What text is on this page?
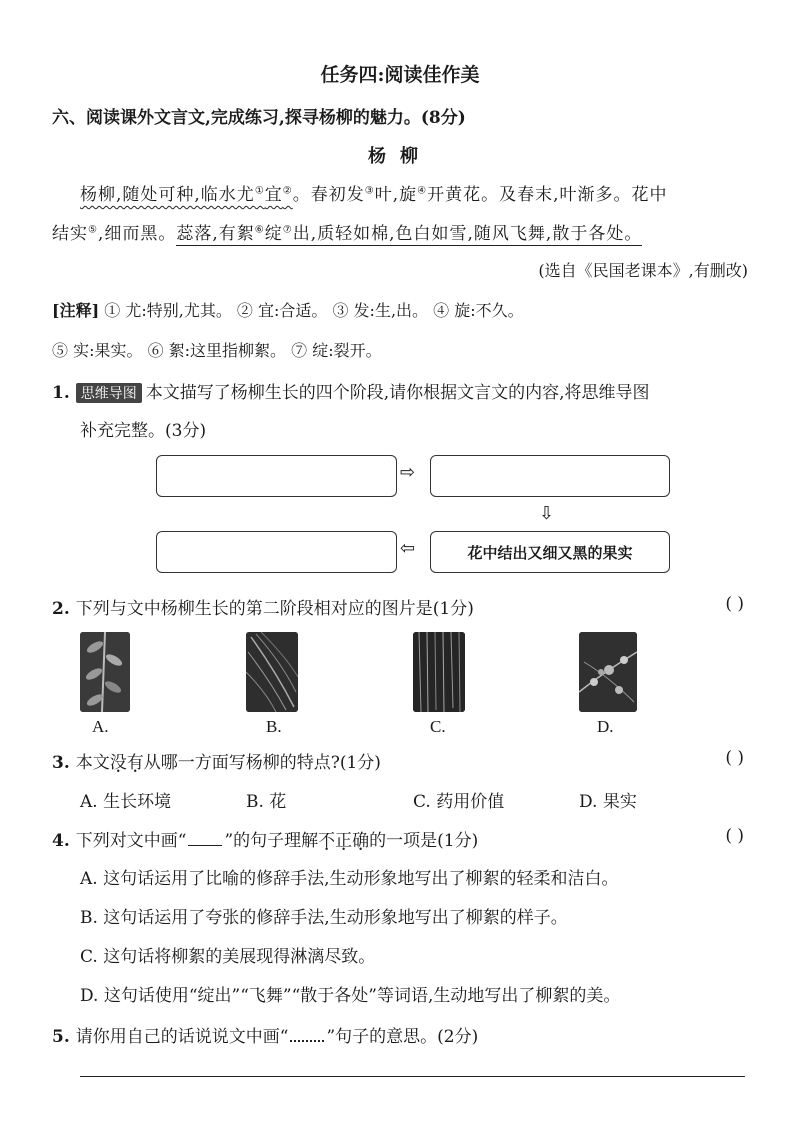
任务四:阅读佳作美
六、阅读课外文言文,完成练习,探寻杨柳的魅力。(8分)
杨柳
杨柳,随处可种,临水尤①宜②。春初发③叶,旋④开黄花。及春末,叶渐多。花中
结实⑤,细而黑。蕊落,有絮⑥绽⑦出,质轻如棉,色白如雪,随风飞舞,散于各处。
(选自《民国老课本》,有删改)
[注释] ① 尤:特别,尤其。 ② 宜:合适。 ③ 发:生,出。 ④ 旋:不久。
⑤ 实:果实。 ⑥ 絮:这里指柳絮。 ⑦ 绽:裂开。
1. 思维导图 本文描写了杨柳生长的四个阶段,请你根据文言文的内容,将思维导图
补充完整。(3分)
⇨
⇩
⇦	花中结出又细又黑的果实
2. 下列与文中杨柳生长的第二阶段相对应的图片是(1分)	( )
A.	B.	C.	D.
3. 本文没有从哪一方面写杨柳的特点?(1分)	( )
A. 生长环境	B. 花	C. 药用价值	D. 果实
4. 下列对文中画“ ”的句子理解不正确的一项是(1分)	( )
A. 这句话运用了比喻的修辞手法,生动形象地写出了柳絮的轻柔和洁白。
B. 这句话运用了夸张的修辞手法,生动形象地写出了柳絮的样子。
C. 这句话将柳絮的美展现得淋漓尽致。
D. 这句话使用“绽出”“飞舞”“散于各处”等词语,生动地写出了柳絮的美。
5. 请你用自己的话说说文中画“ ”句子的意思。(2分)
